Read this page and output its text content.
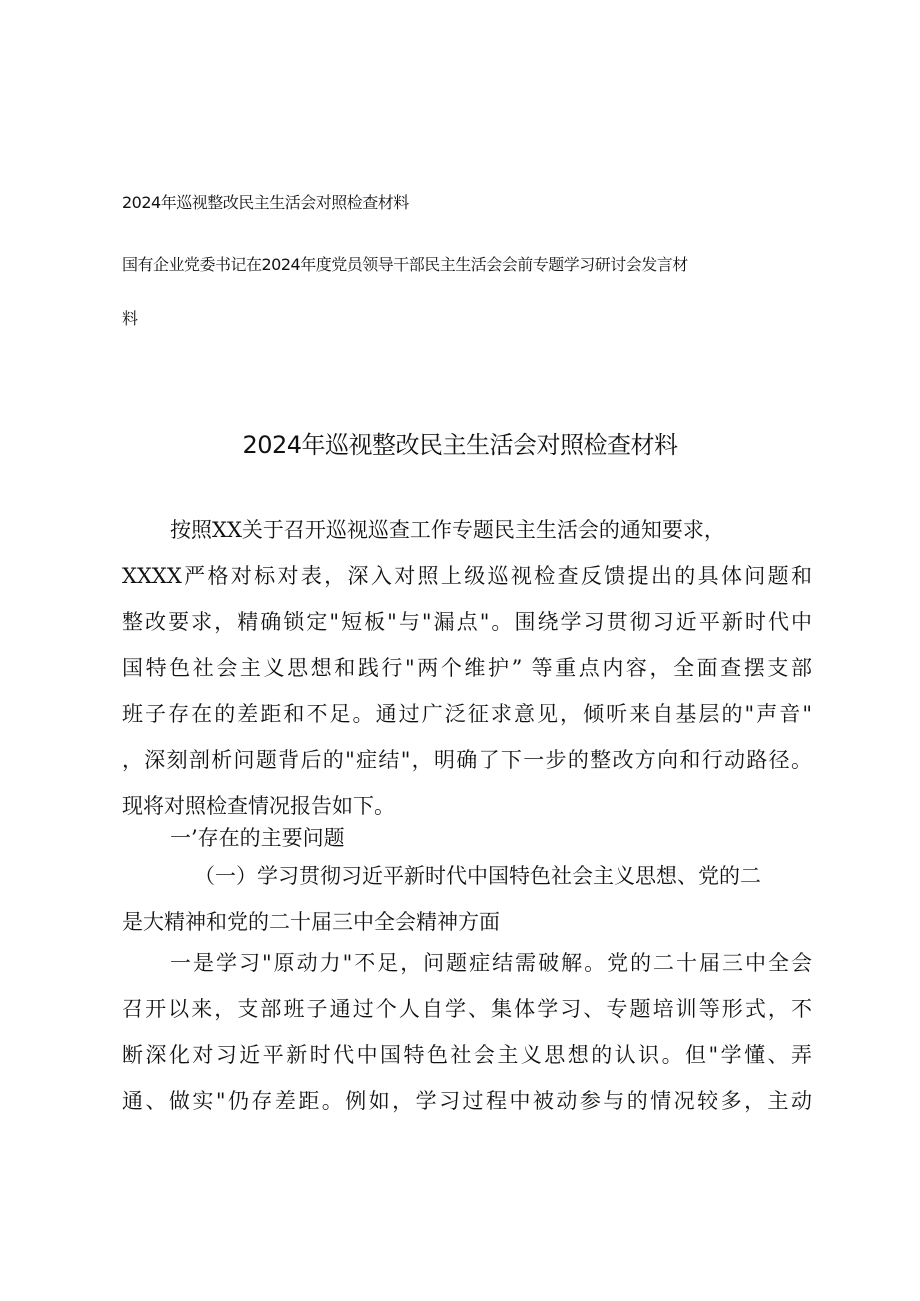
2024年巡视整改民主生活会对照检查材料
国有企业党委书记在2024年度党员领导干部民主生活会会前专题学习研讨会发言材
料
2024年巡视整改民主生活会对照检查材料
按照XX关于召开巡视巡查工作专题民主生活会的通知要求，
XXXX严格对标对表，深入对照上级巡视检查反馈提出的具体问题和
整改要求，精确锁定"短板"与"漏点"。围绕学习贯彻习近平新时代中
国特色社会主义思想和践行"两个维护” 等重点内容，全面查摆支部
班子存在的差距和不足。通过广泛征求意见，倾听来自基层的"声音"
，深刻剖析问题背后的"症结"，明确了下一步的整改方向和行动路径。
现将对照检查情况报告如下。
一’存在的主要问题
（一）学习贯彻习近平新时代中国特色社会主义思想、党的二
是大精神和党的二十届三中全会精神方面
一是学习"原动力"不足，问题症结需破解。党的二十届三中全会
召开以来，支部班子通过个人自学、集体学习、专题培训等形式，不
断深化对习近平新时代中国特色社会主义思想的认识。但"学懂、弄
通、做实"仍存差距。例如，学习过程中被动参与的情况较多，主动
